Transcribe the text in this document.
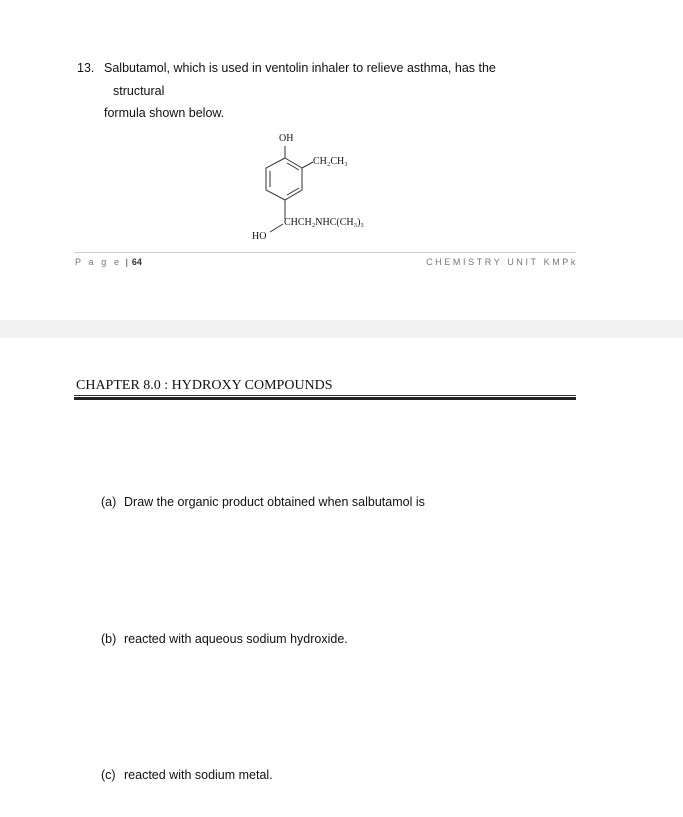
13. Salbutamol, which is used in ventolin inhaler to relieve asthma, has the
structural
formula shown below.
OH
CH₂CH₃
CHCH₂NHC(CH₃)₃
HO
P a g e | 64	CHEMISTRY UNIT KMPk
CHAPTER 8.0 : HYDROXY COMPOUNDS
(a) Draw the organic product obtained when salbutamol is
(b) reacted with aqueous sodium hydroxide.
(c) reacted with sodium metal.
